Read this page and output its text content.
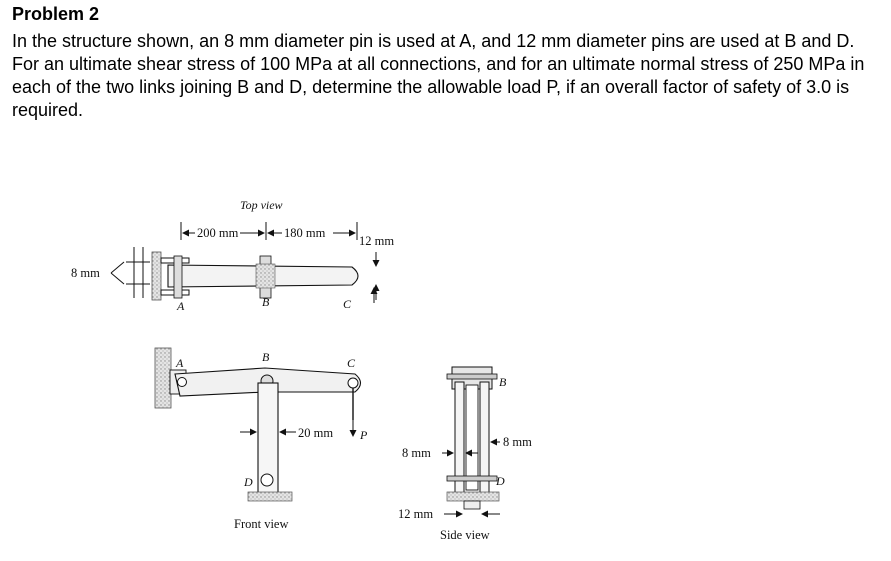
Problem 2

In the structure shown, an 8 mm diameter pin is used at A, and 12 mm diameter pins are used at B and D. For an ultimate shear stress of 100 MPa at all connections, and for an ultimate normal stress of 250 MPa in each of the two links joining B and D, determine the allowable load P, if an overall factor of safety of 3.0 is required.

Top view
200 mm	180 mm
12 mm
8 mm
A	B	C
A	B	C
D
P
20 mm
Front view
B
D
8 mm
8 mm
12 mm
Side view
